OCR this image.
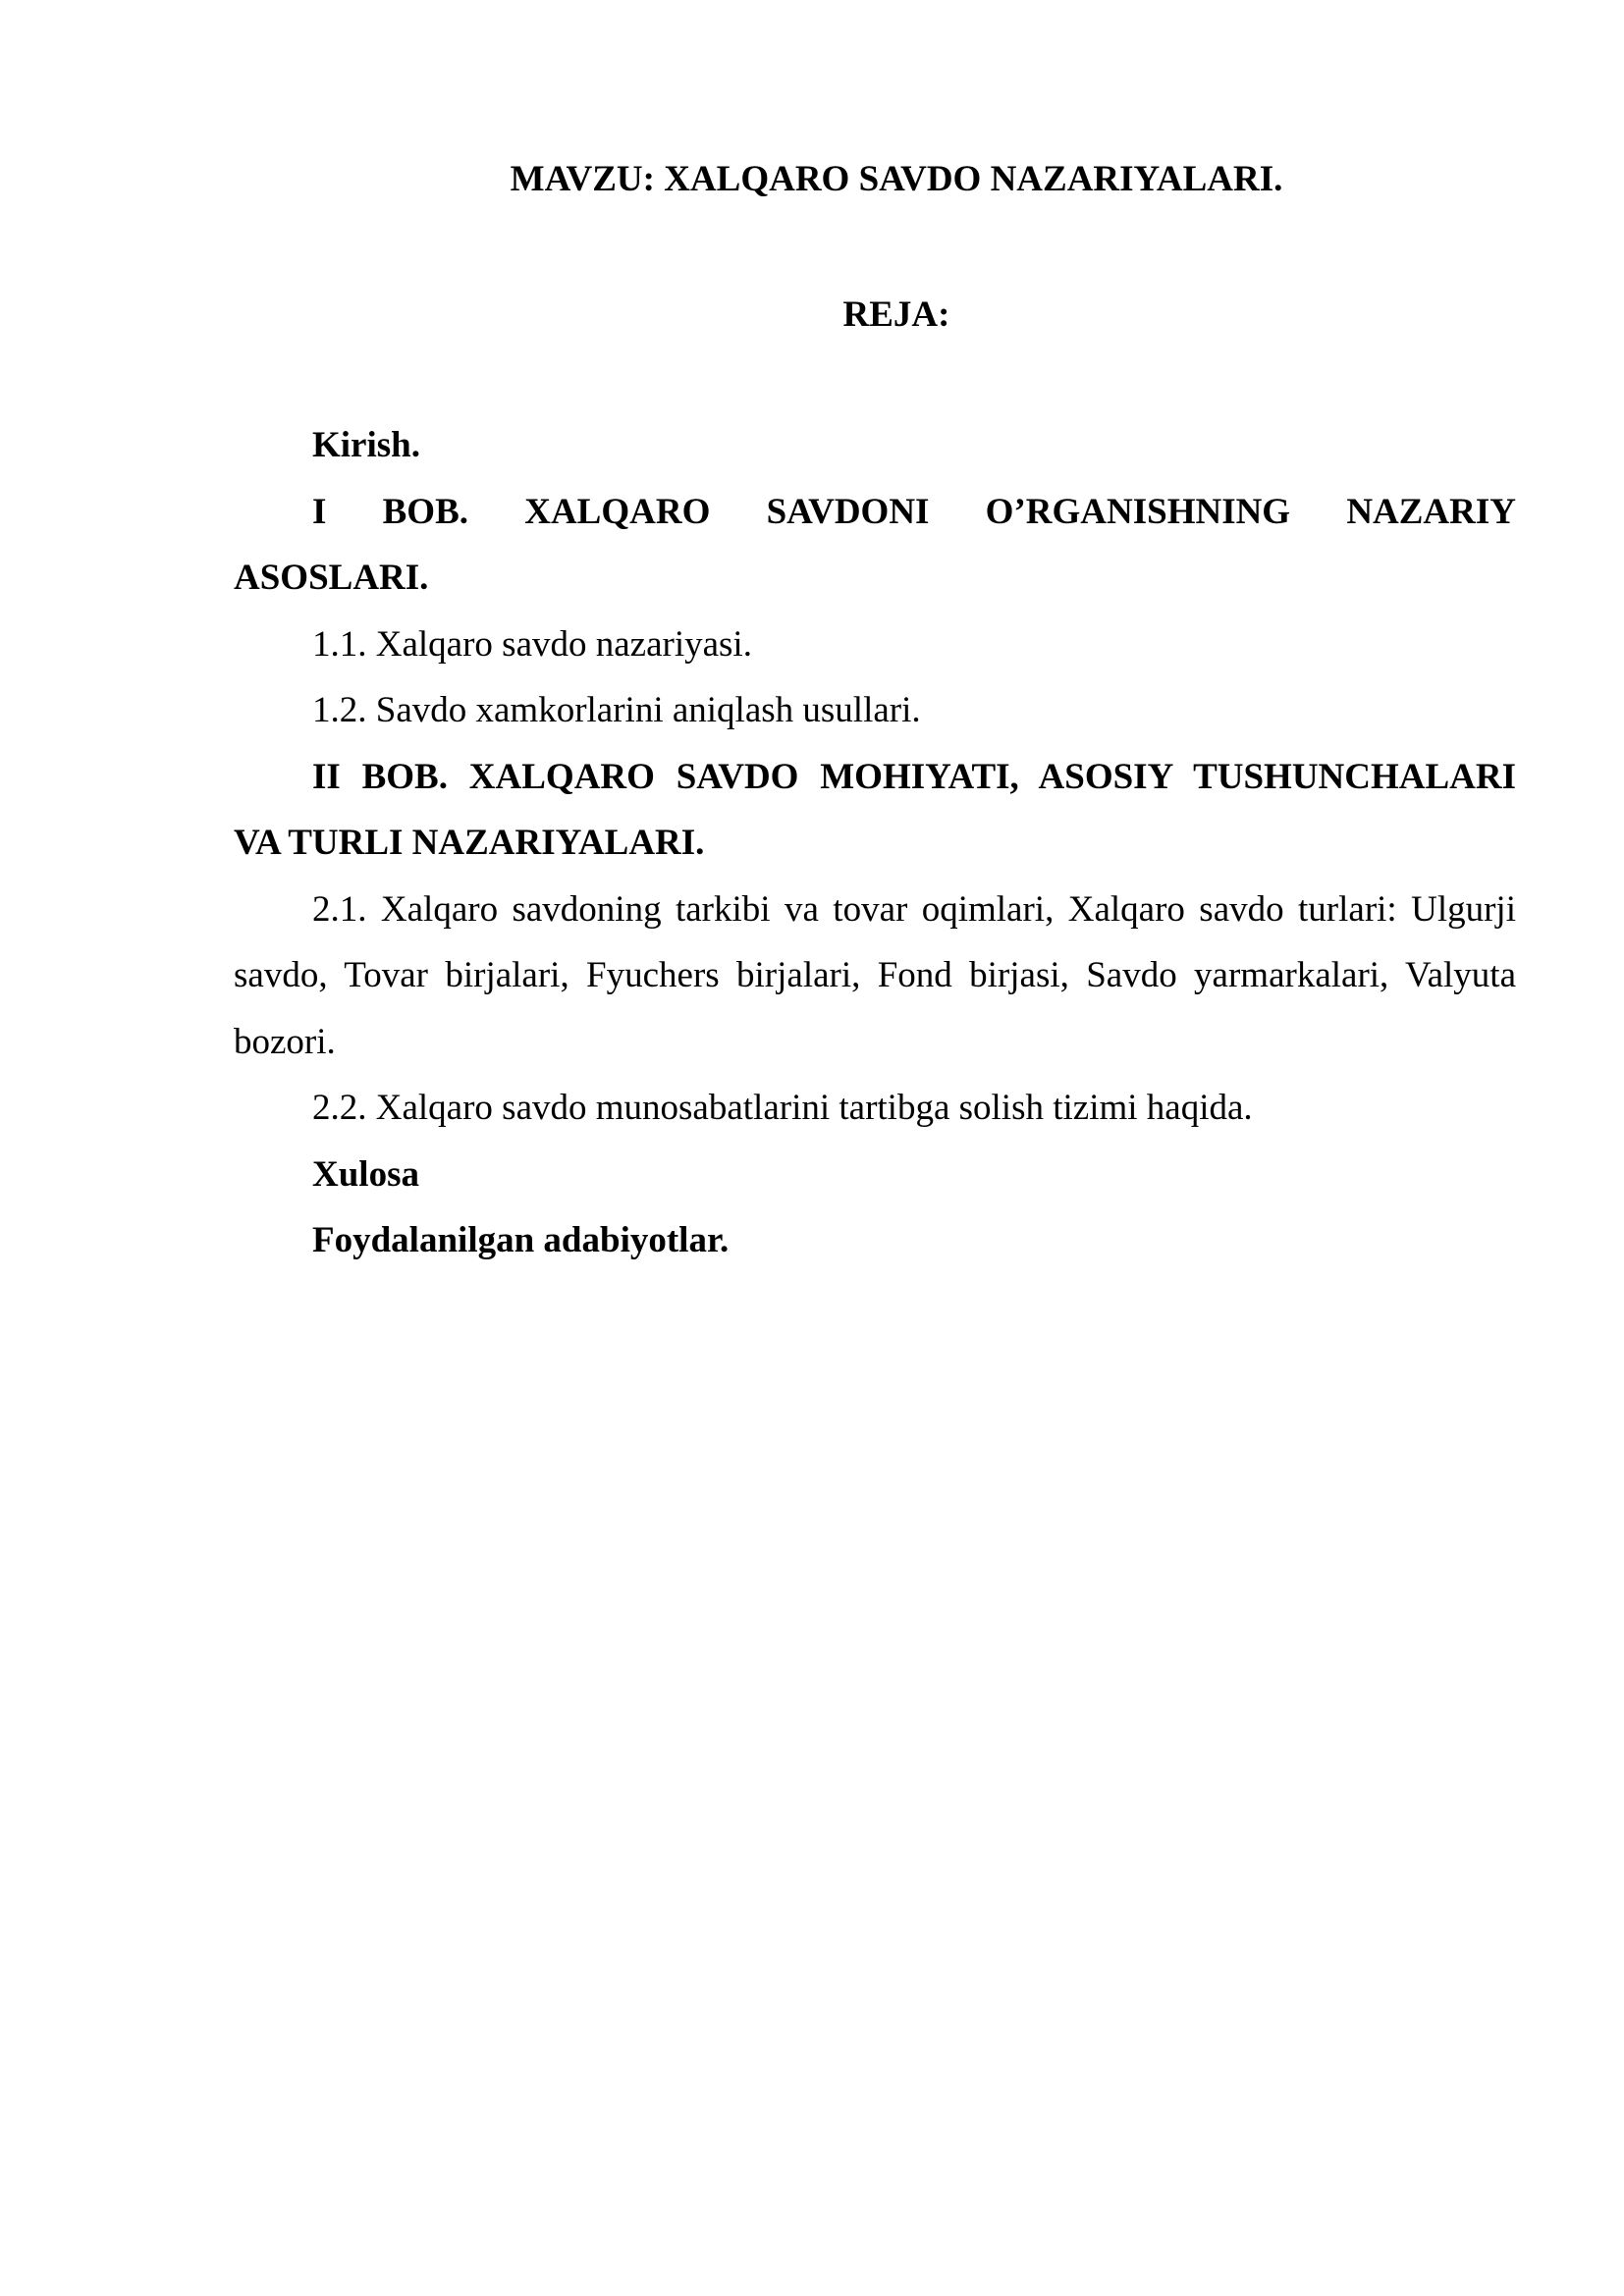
MAVZU: XALQARO SAVDO NAZARIYALARI.
REJA:

Kirish.

I BOB. XALQARO SAVDONI O’RGANISHNING NAZARIY

ASOSLARI.

1.1. Xalqaro savdo nazariyasi.

1.2. Savdo xamkorlarini aniqlash usullari.

II BOB. XALQARO SAVDO MOHIYATI, ASOSIY TUSHUNCHALARI

VA TURLI NAZARIYALARI.

2.1. Xalqaro savdoning tarkibi va tovar oqimlari, Xalqaro savdo turlari: Ulgurji

savdo, Tovar birjalari, Fyuchers birjalari, Fond birjasi, Savdo yarmarkalari, Valyuta

bozori.

2.2. Xalqaro savdo munosabatlarini tartibga solish tizimi haqida.

Xulosa

Foydalanilgan adabiyotlar.
